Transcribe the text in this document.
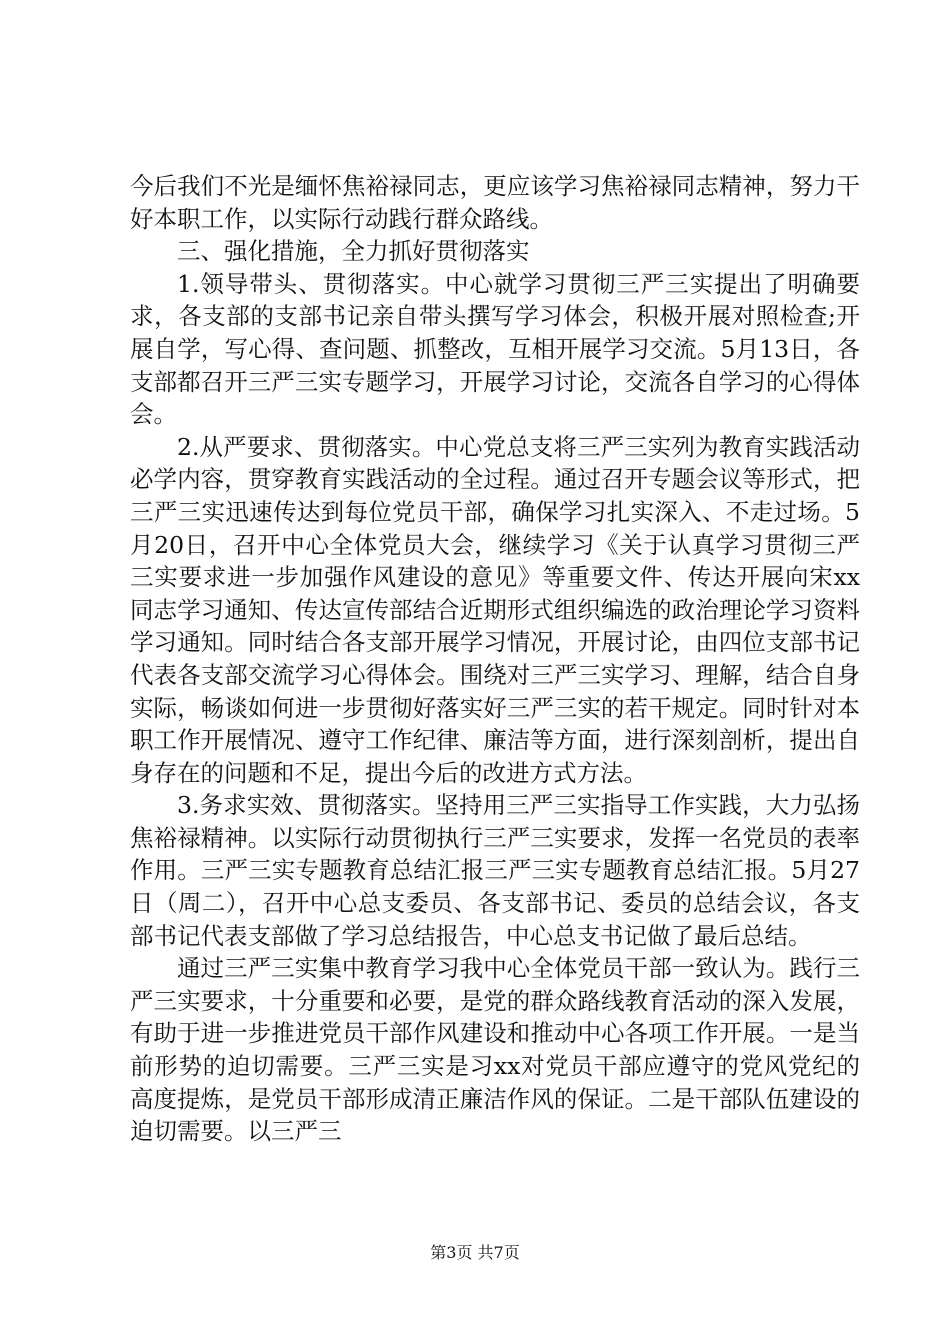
今后我们不光是缅怀焦裕禄同志，更应该学习焦裕禄同志精神，努力干好本职工作，以实际行动践行群众路线。

三、强化措施，全力抓好贯彻落实

1.领导带头、贯彻落实。中心就学习贯彻三严三实提出了明确要求，各支部的支部书记亲自带头撰写学习体会，积极开展对照检查;开展自学，写心得、查问题、抓整改，互相开展学习交流。5月13日，各支部都召开三严三实专题学习，开展学习讨论，交流各自学习的心得体会。

2.从严要求、贯彻落实。中心党总支将三严三实列为教育实践活动必学内容，贯穿教育实践活动的全过程。通过召开专题会议等形式，把三严三实迅速传达到每位党员干部，确保学习扎实深入、不走过场。5月20日，召开中心全体党员大会，继续学习《关于认真学习贯彻三严三实要求进一步加强作风建设的意见》等重要文件、传达开展向宋xx同志学习通知、传达宣传部结合近期形式组织编选的政治理论学习资料学习通知。同时结合各支部开展学习情况，开展讨论，由四位支部书记代表各支部交流学习心得体会。围绕对三严三实学习、理解，结合自身实际，畅谈如何进一步贯彻好落实好三严三实的若干规定。同时针对本职工作开展情况、遵守工作纪律、廉洁等方面，进行深刻剖析，提出自身存在的问题和不足，提出今后的改进方式方法。

3.务求实效、贯彻落实。坚持用三严三实指导工作实践，大力弘扬焦裕禄精神。以实际行动贯彻执行三严三实要求，发挥一名党员的表率作用。三严三实专题教育总结汇报三严三实专题教育总结汇报。5月27日（周二），召开中心总支委员、各支部书记、委员的总结会议，各支部书记代表支部做了学习总结报告，中心总支书记做了最后总结。

通过三严三实集中教育学习我中心全体党员干部一致认为。践行三严三实要求，十分重要和必要，是党的群众路线教育活动的深入发展，有助于进一步推进党员干部作风建设和推动中心各项工作开展。一是当前形势的迫切需要。三严三实是习xx对党员干部应遵守的党风党纪的高度提炼，是党员干部形成清正廉洁作风的保证。二是干部队伍建设的迫切需要。以三严三

第3页 共7页
